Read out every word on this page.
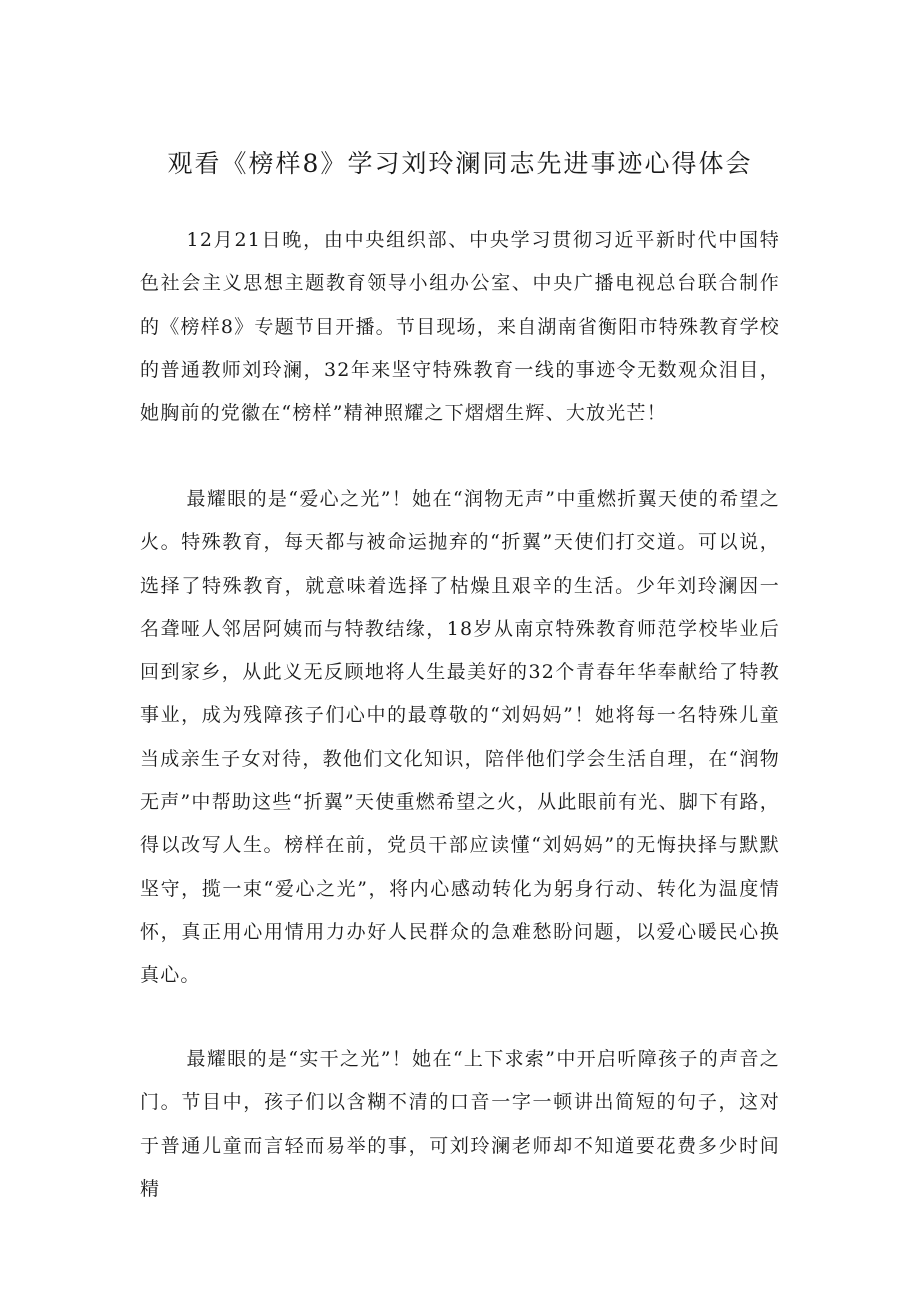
观看《榜样8》学习刘玲澜同志先进事迹心得体会
12月21日晚，由中央组织部、中央学习贯彻习近平新时代中国特色社会主义思想主题教育领导小组办公室、中央广播电视总台联合制作的《榜样8》专题节目开播。节目现场，来自湖南省衡阳市特殊教育学校的普通教师刘玲澜，32年来坚守特殊教育一线的事迹令无数观众泪目，她胸前的党徽在“榜样”精神照耀之下熠熠生辉、大放光芒！
最耀眼的是“爱心之光”！她在“润物无声”中重燃折翼天使的希望之火。特殊教育，每天都与被命运抛弃的“折翼”天使们打交道。可以说，选择了特殊教育，就意味着选择了枯燥且艰辛的生活。少年刘玲澜因一名聋哑人邻居阿姨而与特教结缘，18岁从南京特殊教育师范学校毕业后回到家乡，从此义无反顾地将人生最美好的32个青春年华奉献给了特教事业，成为残障孩子们心中的最尊敬的“刘妈妈”！她将每一名特殊儿童当成亲生子女对待，教他们文化知识，陪伴他们学会生活自理，在“润物无声”中帮助这些“折翼”天使重燃希望之火，从此眼前有光、脚下有路，得以改写人生。榜样在前，党员干部应读懂“刘妈妈”的无悔抉择与默默坚守，揽一束“爱心之光”，将内心感动转化为躬身行动、转化为温度情怀，真正用心用情用力办好人民群众的急难愁盼问题，以爱心暖民心换真心。
最耀眼的是“实干之光”！她在“上下求索”中开启听障孩子的声音之门。节目中，孩子们以含糊不清的口音一字一顿讲出简短的句子，这对于普通儿童而言轻而易举的事，可刘玲澜老师却不知道要花费多少时间精
